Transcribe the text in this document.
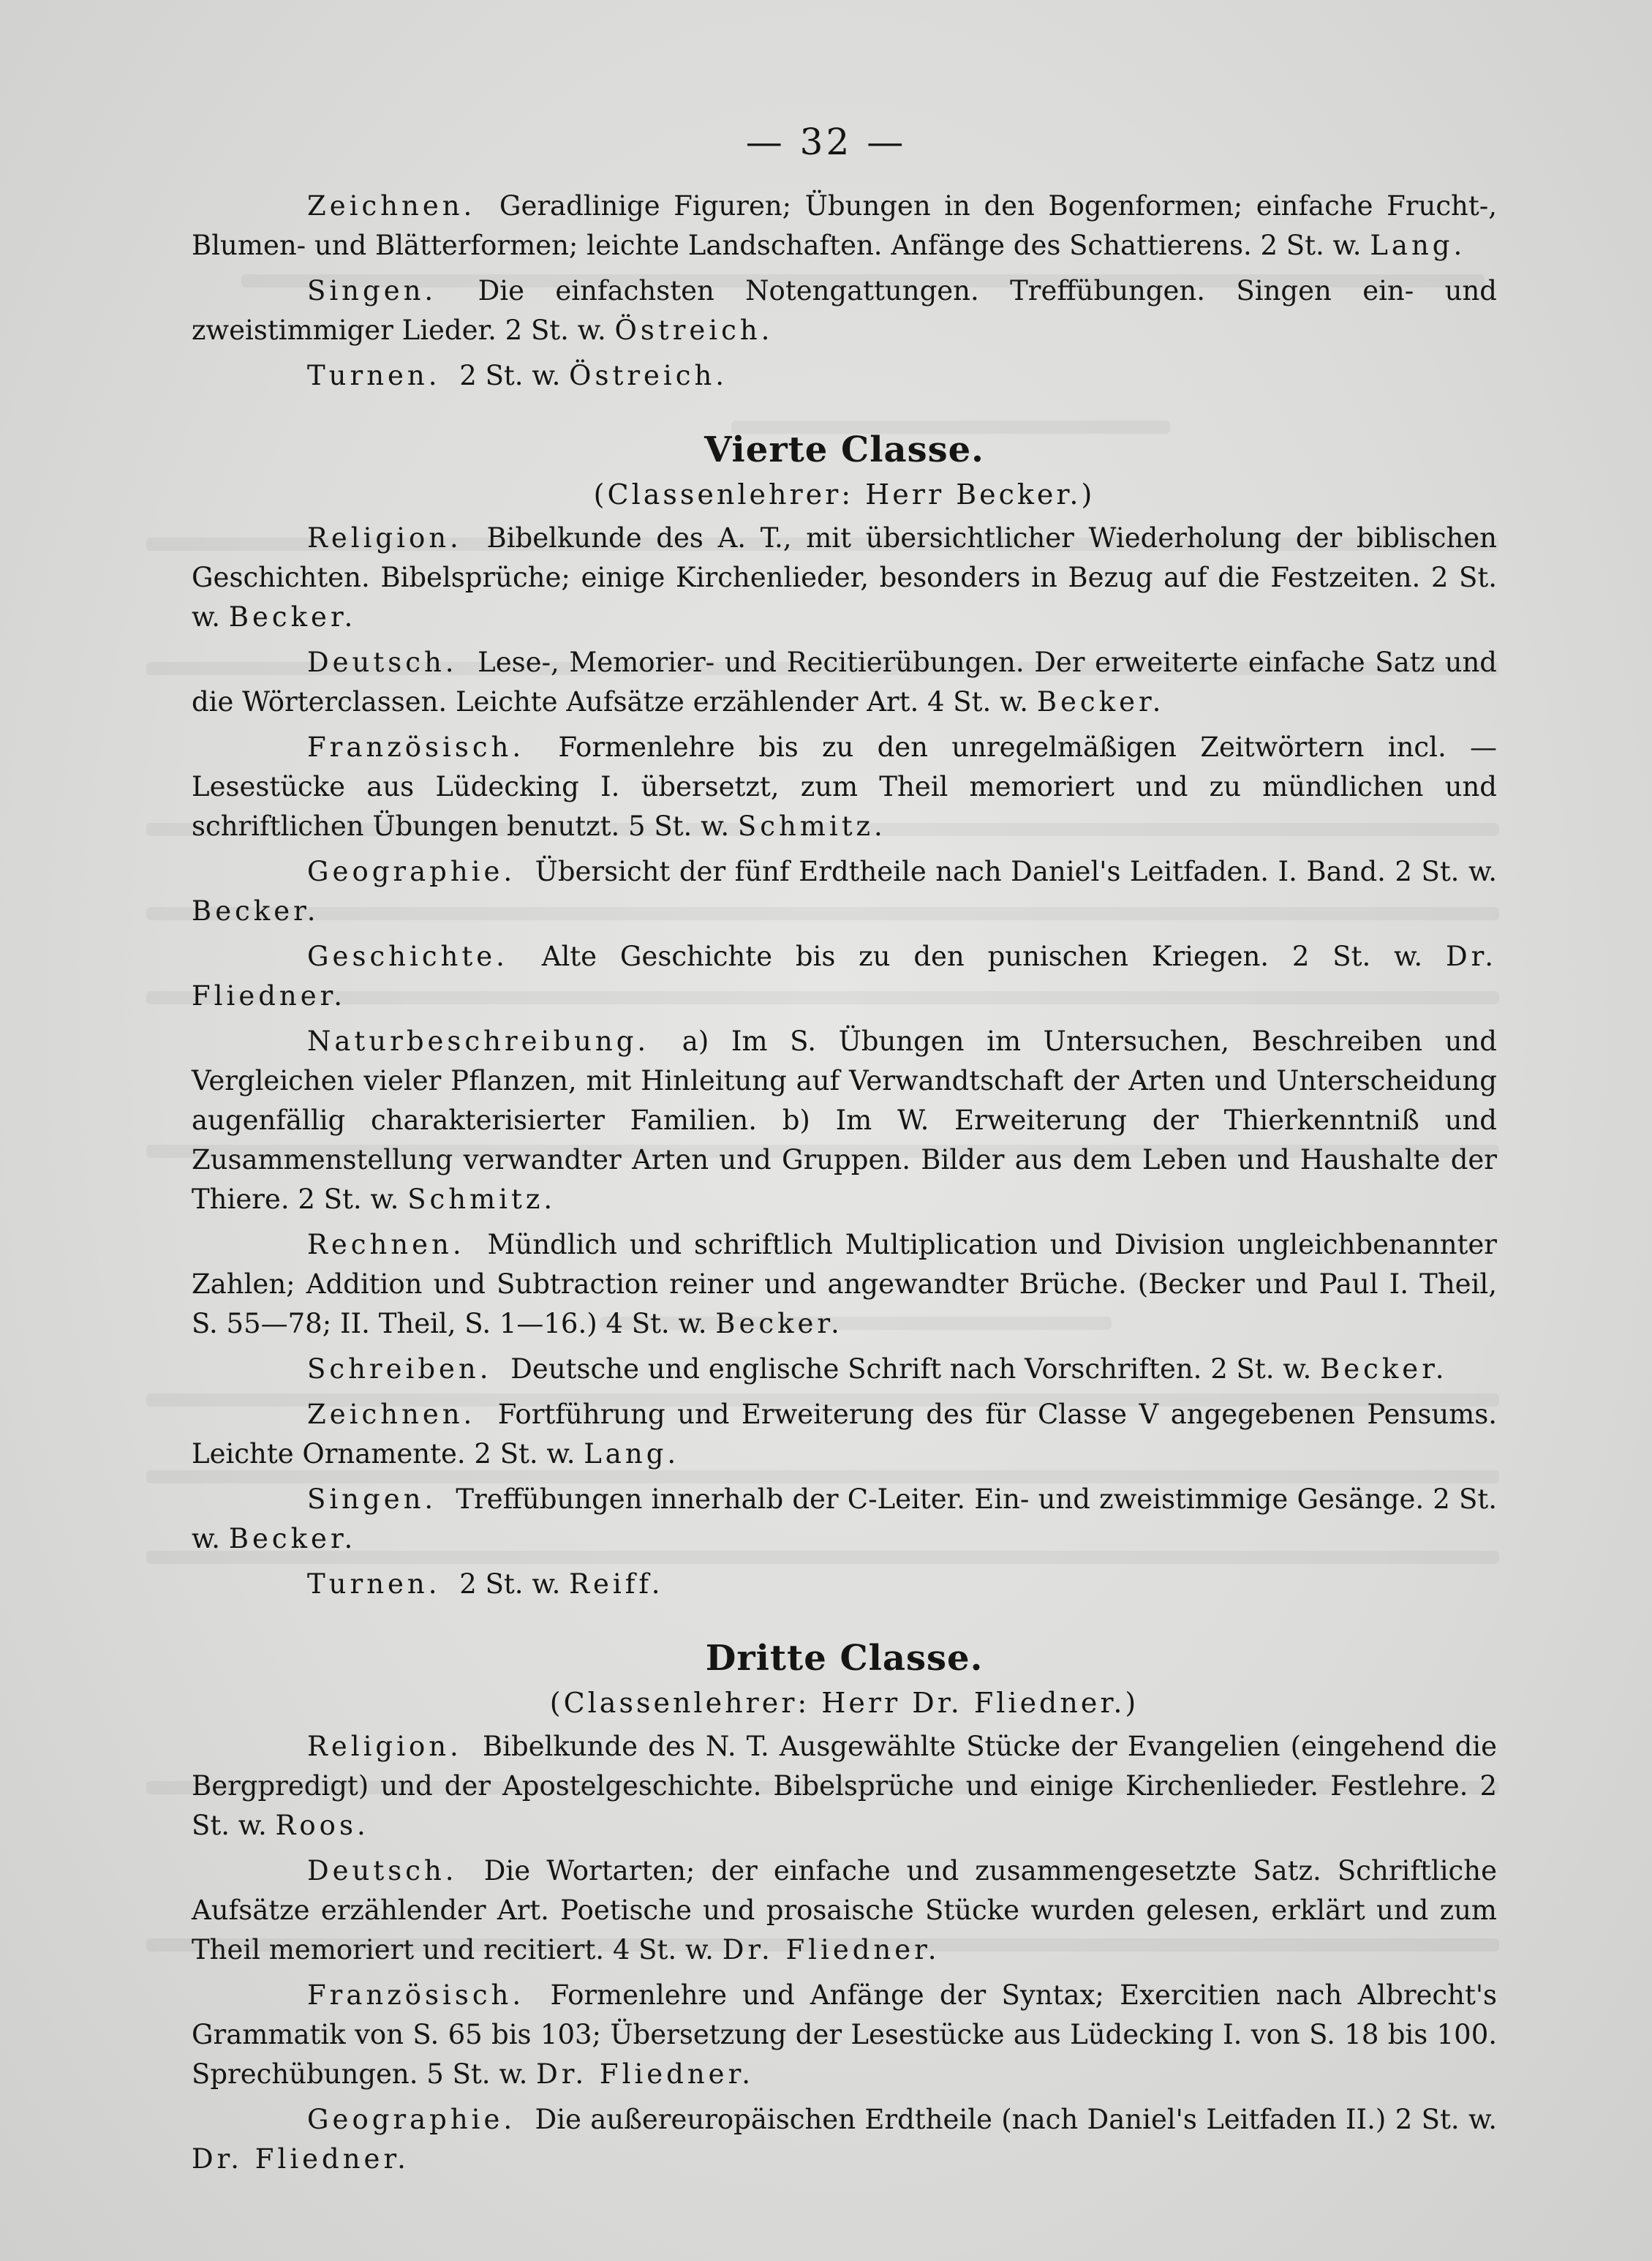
— 32 —

Zeichnen. Geradlinige Figuren; Übungen in den Bogenformen; einfache Frucht-, Blumen- und Blätterformen; leichte Landschaften. Anfänge des Schattierens. 2 St. w. Lang.

Singen. Die einfachsten Notengattungen. Treffübungen. Singen ein- und zweistimmiger Lieder. 2 St. w. Östreich.

Turnen. 2 St. w. Östreich.

Vierte Classe.
(Classenlehrer: Herr Becker.)

Religion. Bibelkunde des A. T., mit übersichtlicher Wiederholung der biblischen Geschichten. Bibelsprüche; einige Kirchenlieder, besonders in Bezug auf die Festzeiten. 2 St. w. Becker.

Deutsch. Lese-, Memorier- und Recitierübungen. Der erweiterte einfache Satz und die Wörterclassen. Leichte Aufsätze erzählender Art. 4 St. w. Becker.

Französisch. Formenlehre bis zu den unregelmäßigen Zeitwörtern incl. — Lesestücke aus Lüdecking I. übersetzt, zum Theil memoriert und zu mündlichen und schriftlichen Übungen benutzt. 5 St. w. Schmitz.

Geographie. Übersicht der fünf Erdtheile nach Daniel's Leitfaden. I. Band. 2 St. w. Becker.

Geschichte. Alte Geschichte bis zu den punischen Kriegen. 2 St. w. Dr. Fliedner.

Naturbeschreibung. a) Im S. Übungen im Untersuchen, Beschreiben und Vergleichen vieler Pflanzen, mit Hinleitung auf Verwandtschaft der Arten und Unterscheidung augenfällig charakterisierter Familien. b) Im W. Erweiterung der Thierkenntniß und Zusammenstellung verwandter Arten und Gruppen. Bilder aus dem Leben und Haushalte der Thiere. 2 St. w. Schmitz.

Rechnen. Mündlich und schriftlich Multiplication und Division ungleichbenannter Zahlen; Addition und Subtraction reiner und angewandter Brüche. (Becker und Paul I. Theil, S. 55—78; II. Theil, S. 1—16.) 4 St. w. Becker.

Schreiben. Deutsche und englische Schrift nach Vorschriften. 2 St. w. Becker.

Zeichnen. Fortführung und Erweiterung des für Classe V angegebenen Pensums. Leichte Ornamente. 2 St. w. Lang.

Singen. Treffübungen innerhalb der C-Leiter. Ein- und zweistimmige Gesänge. 2 St. w. Becker.

Turnen. 2 St. w. Reiff.

Dritte Classe.
(Classenlehrer: Herr Dr. Fliedner.)

Religion. Bibelkunde des N. T. Ausgewählte Stücke der Evangelien (eingehend die Bergpredigt) und der Apostelgeschichte. Bibelsprüche und einige Kirchenlieder. Festlehre. 2 St. w. Roos.

Deutsch. Die Wortarten; der einfache und zusammengesetzte Satz. Schriftliche Aufsätze erzählender Art. Poetische und prosaische Stücke wurden gelesen, erklärt und zum Theil memoriert und recitiert. 4 St. w. Dr. Fliedner.

Französisch. Formenlehre und Anfänge der Syntax; Exercitien nach Albrecht's Grammatik von S. 65 bis 103; Übersetzung der Lesestücke aus Lüdecking I. von S. 18 bis 100. Sprechübungen. 5 St. w. Dr. Fliedner.

Geographie. Die außereuropäischen Erdtheile (nach Daniel's Leitfaden II.) 2 St. w. Dr. Fliedner.
